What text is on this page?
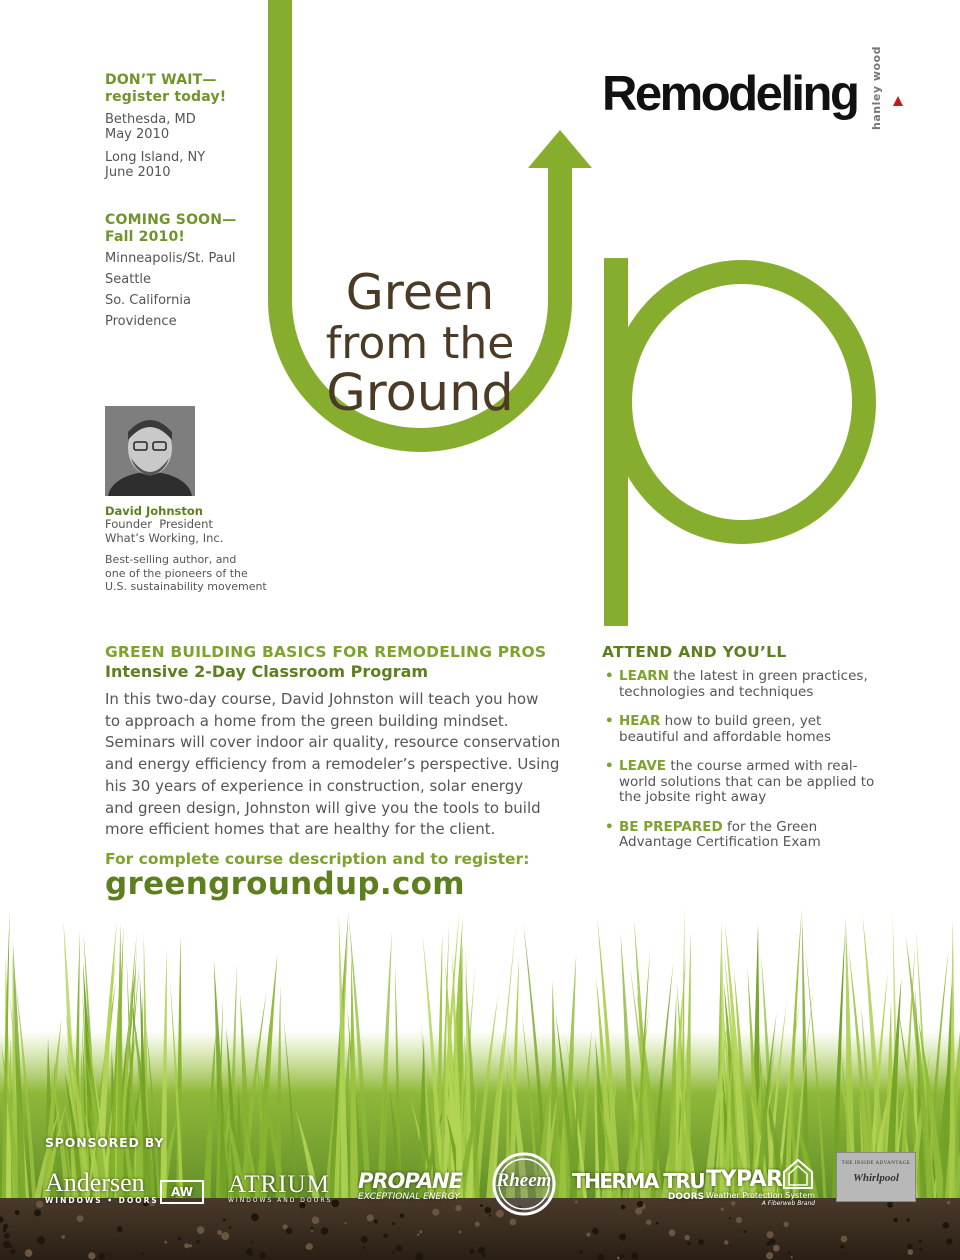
Remodeling hanley wood
DON’T WAIT—
register today!
Bethesda, MD
May 2010
Long Island, NY
June 2010
COMING SOON—
Fall 2010!
Minneapolis/St. Paul
Seattle
So. California
Providence
David Johnston
Founder  President
What’s Working, Inc.
Best-selling author, and
one of the pioneers of the
U.S. sustainability movement
Green
from the
Ground
GREEN BUILDING BASICS FOR REMODELING PROS
Intensive 2-Day Classroom Program
In this two-day course, David Johnston will teach you how
to approach a home from the green building mindset.
Seminars will cover indoor air quality, resource conservation
and energy efficiency from a remodeler’s perspective. Using
his 30 years of experience in construction, solar energy
and green design, Johnston will give you the tools to build
more efficient homes that are healthy for the client.
For complete course description and to register:
greengroundup.com
ATTEND AND YOU’LL
• LEARN the latest in green practices, technologies and techniques
• HEAR how to build green, yet beautiful and affordable homes
• LEAVE the course armed with real-world solutions that can be applied to the jobsite right away
• BE PREPARED for the Green Advantage Certification Exam
SPONSORED BY
Andersen
WINDOWS • DOORS
AW	ATRIUM
WINDOWS AND DOORS
PROPANE
EXCEPTIONAL ENERGY
Rheem THERMA TRU
DOORS
TYPAR
Weather Protection System
A Fiberweb Brand
THE INSIDE ADVANTAGE
Whirlpool
